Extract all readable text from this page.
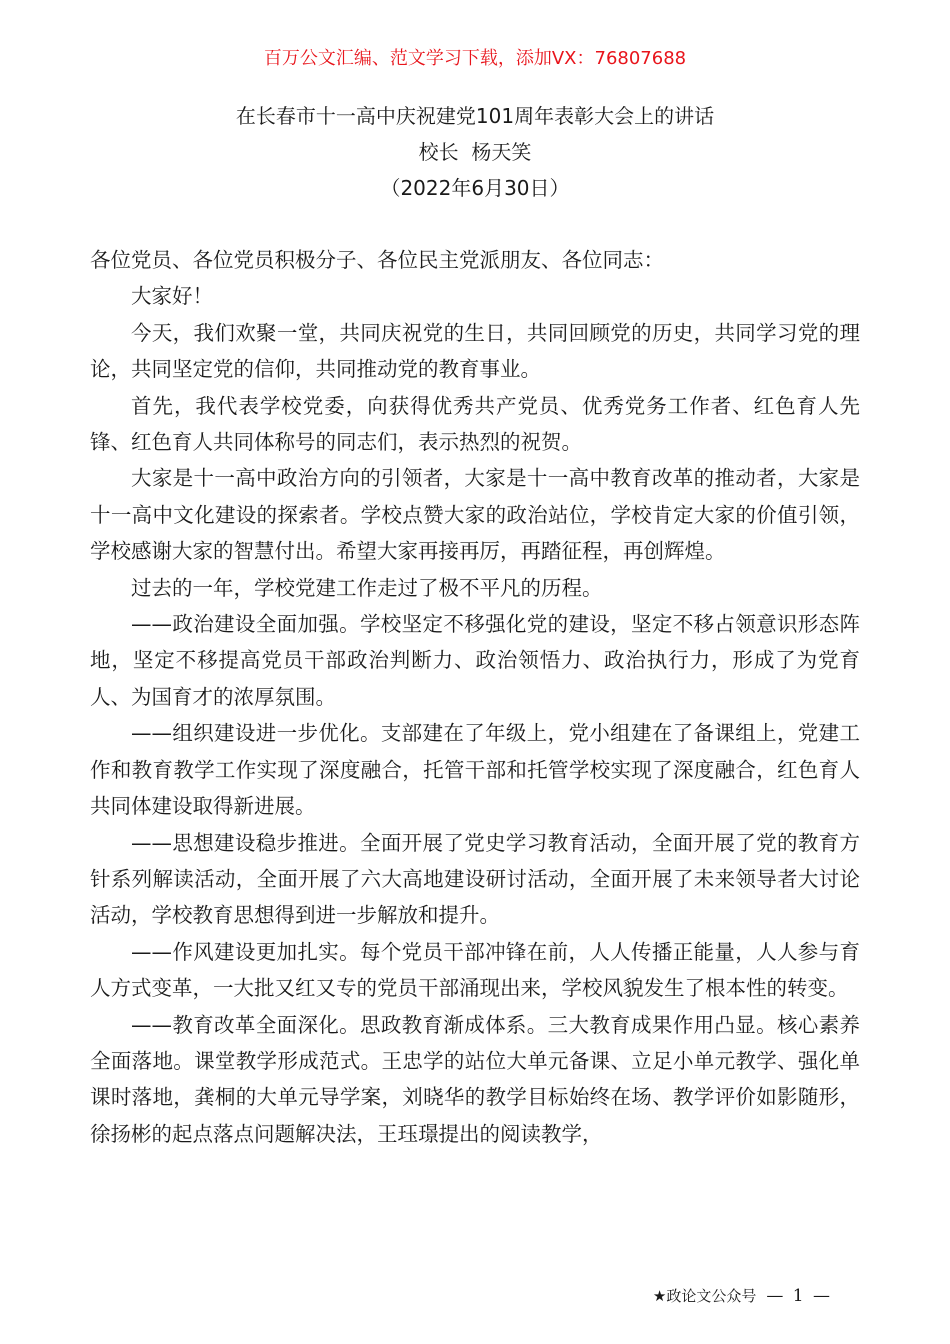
百万公文汇编、范文学习下载，添加VX：76807688
在长春市十一高中庆祝建党101周年表彰大会上的讲话
校长  杨天笑
（2022年6月30日）

各位党员、各位党员积极分子、各位民主党派朋友、各位同志：

大家好！

今天，我们欢聚一堂，共同庆祝党的生日，共同回顾党的历史，共同学习党的理论，共同坚定党的信仰，共同推动党的教育事业。

首先，我代表学校党委，向获得优秀共产党员、优秀党务工作者、红色育人先锋、红色育人共同体称号的同志们，表示热烈的祝贺。

大家是十一高中政治方向的引领者，大家是十一高中教育改革的推动者，大家是十一高中文化建设的探索者。学校点赞大家的政治站位，学校肯定大家的价值引领，学校感谢大家的智慧付出。希望大家再接再厉，再踏征程，再创辉煌。

过去的一年，学校党建工作走过了极不平凡的历程。

——政治建设全面加强。学校坚定不移强化党的建设，坚定不移占领意识形态阵地，坚定不移提高党员干部政治判断力、政治领悟力、政治执行力，形成了为党育人、为国育才的浓厚氛围。

——组织建设进一步优化。支部建在了年级上，党小组建在了备课组上，党建工作和教育教学工作实现了深度融合，托管干部和托管学校实现了深度融合，红色育人共同体建设取得新进展。

——思想建设稳步推进。全面开展了党史学习教育活动，全面开展了党的教育方针系列解读活动，全面开展了六大高地建设研讨活动，全面开展了未来领导者大讨论活动，学校教育思想得到进一步解放和提升。

——作风建设更加扎实。每个党员干部冲锋在前，人人传播正能量，人人参与育人方式变革，一大批又红又专的党员干部涌现出来，学校风貌发生了根本性的转变。

——教育改革全面深化。思政教育渐成体系。三大教育成果作用凸显。核心素养全面落地。课堂教学形成范式。王忠学的站位大单元备课、立足小单元教学、强化单课时落地，龚桐的大单元导学案，刘晓华的教学目标始终在场、教学评价如影随形，徐扬彬的起点落点问题解决法，王珏璟提出的阅读教学，

★政论文公众号 — 1 —
